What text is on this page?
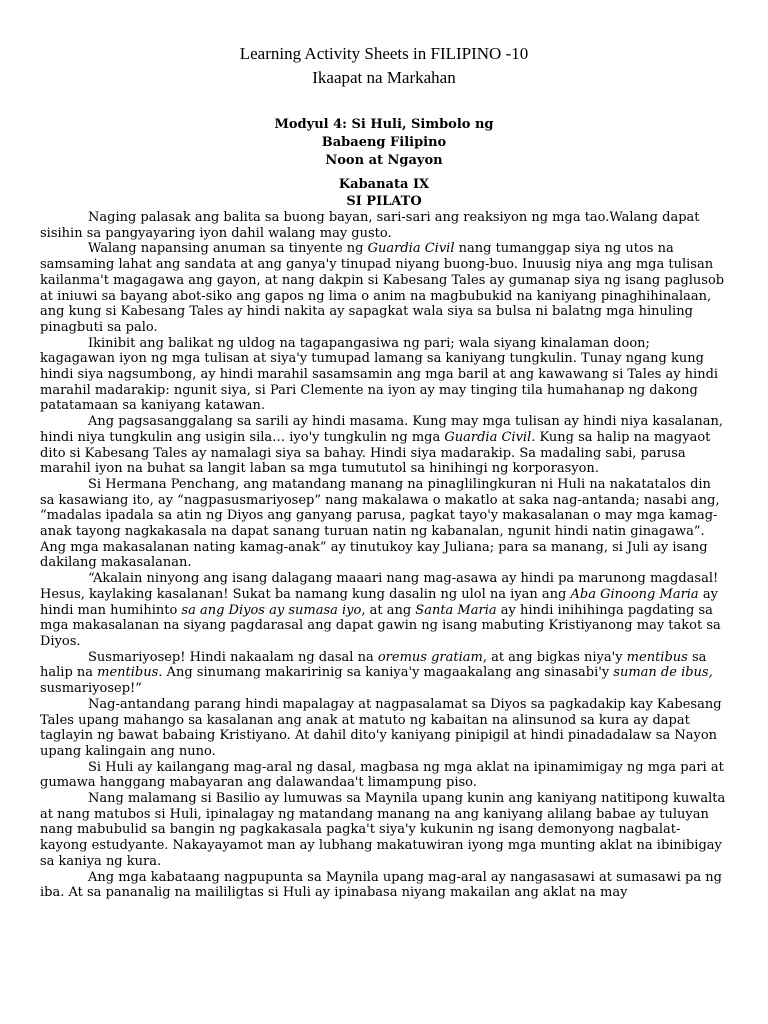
Learning Activity Sheets in FILIPINO -10
Ikaapat na Markahan
Modyul 4: Si Huli, Simbolo ng
Babaeng Filipino
Noon at Ngayon
Kabanata IX
SI PILATO

Naging palasak ang balita sa buong bayan, sari-sari ang reaksiyon ng mga tao.Walang dapat sisihin sa pangyayaring iyon dahil walang may gusto.

Walang napansing anuman sa tinyente ng Guardia Civil nang tumanggap siya ng utos na samsaming lahat ang sandata at ang ganya'y tinupad niyang buong-buo. Inuusig niya ang mga tulisan kailanma't magagawa ang gayon, at nang dakpin si Kabesang Tales ay gumanap siya ng isang paglusob at iniuwi sa bayang abot-siko ang gapos ng lima o anim na magbubukid na kaniyang pinaghihinalaan, ang kung si Kabesang Tales ay hindi nakita ay sapagkat wala siya sa bulsa ni balatng mga hinuling pinagbuti sa palo.

Ikinibit ang balikat ng uldog na tagapangasiwa ng pari; wala siyang kinalaman doon; kagagawan iyon ng mga tulisan at siya'y tumupad lamang sa kaniyang tungkulin. Tunay ngang kung hindi siya nagsumbong, ay hindi marahil sasamsamin ang mga baril at ang kawawang si Tales ay hindi marahil madarakip: ngunit siya, si Pari Clemente na iyon ay may tinging tila humahanap ng dakong patatamaan sa kaniyang katawan.

Ang pagsasanggalang sa sarili ay hindi masama. Kung may mga tulisan ay hindi niya kasalanan, hindi niya tungkulin ang usigin sila… iyo'y tungkulin ng mga Guardia Civil. Kung sa halip na magyaot dito si Kabesang Tales ay namalagi siya sa bahay. Hindi siya madarakip. Sa madaling sabi, parusa marahil iyon na buhat sa langit laban sa mga tumututol sa hinihingi ng korporasyon.

Si Hermana Penchang, ang matandang manang na pinaglilingkuran ni Huli na nakatatalos din sa kasawiang ito, ay “nagpasusmariyosep” nang makalawa o makatlo at saka nag-antanda; nasabi ang, “madalas ipadala sa atin ng Diyos ang ganyang parusa, pagkat tayo'y makasalanan o may mga kamag-anak tayong nagkakasala na dapat sanang turuan natin ng kabanalan, ngunit hindi natin ginagawa”. Ang mga makasalanan nating kamag-anak” ay tinutukoy kay Juliana; para sa manang, si Juli ay isang dakilang makasalanan.

“Akalain ninyong ang isang dalagang maaari nang mag-asawa ay hindi pa marunong magdasal! Hesus, kaylaking kasalanan! Sukat ba namang kung dasalin ng ulol na iyan ang Aba Ginoong Maria ay hindi man humihinto sa ang Diyos ay sumasa iyo, at ang Santa Maria ay hindi inihihinga pagdating sa mga makasalanan na siyang pagdarasal ang dapat gawin ng isang mabuting Kristiyanong may takot sa Diyos.

Susmariyosep! Hindi nakaalam ng dasal na oremus gratiam, at ang bigkas niya'y mentibus sa halip na mentibus. Ang sinumang makaririnig sa kaniya'y magaakalang ang sinasabi'y suman de ibus, susmariyosep!”

Nag-antandang parang hindi mapalagay at nagpasalamat sa Diyos sa pagkadakip kay Kabesang Tales upang mahango sa kasalanan ang anak at matuto ng kabaitan na alinsunod sa kura ay dapat taglayin ng bawat babaing Kristiyano. At dahil dito'y kaniyang pinipigil at hindi pinadadalaw sa Nayon upang kalingain ang nuno.

Si Huli ay kailangang mag-aral ng dasal, magbasa ng mga aklat na ipinamimigay ng mga pari at gumawa hanggang mabayaran ang dalawandaa't limampung piso.

Nang malamang si Basilio ay lumuwas sa Maynila upang kunin ang kaniyang natitipong kuwalta at nang matubos si Huli, ipinalagay ng matandang manang na ang kaniyang alilang babae ay tuluyan nang mabubulid sa bangin ng pagkakasala pagka't siya'y kukunin ng isang demonyong nagbalat-kayong estudyante. Nakayayamot man ay lubhang makatuwiran iyong mga munting aklat na ibinibigay sa kaniya ng kura.

Ang mga kabataang nagpupunta sa Maynila upang mag-aral ay nangasasawi at sumasawi pa ng iba. At sa pananalig na maililigtas si Huli ay ipinabasa niyang makailan ang aklat na may
